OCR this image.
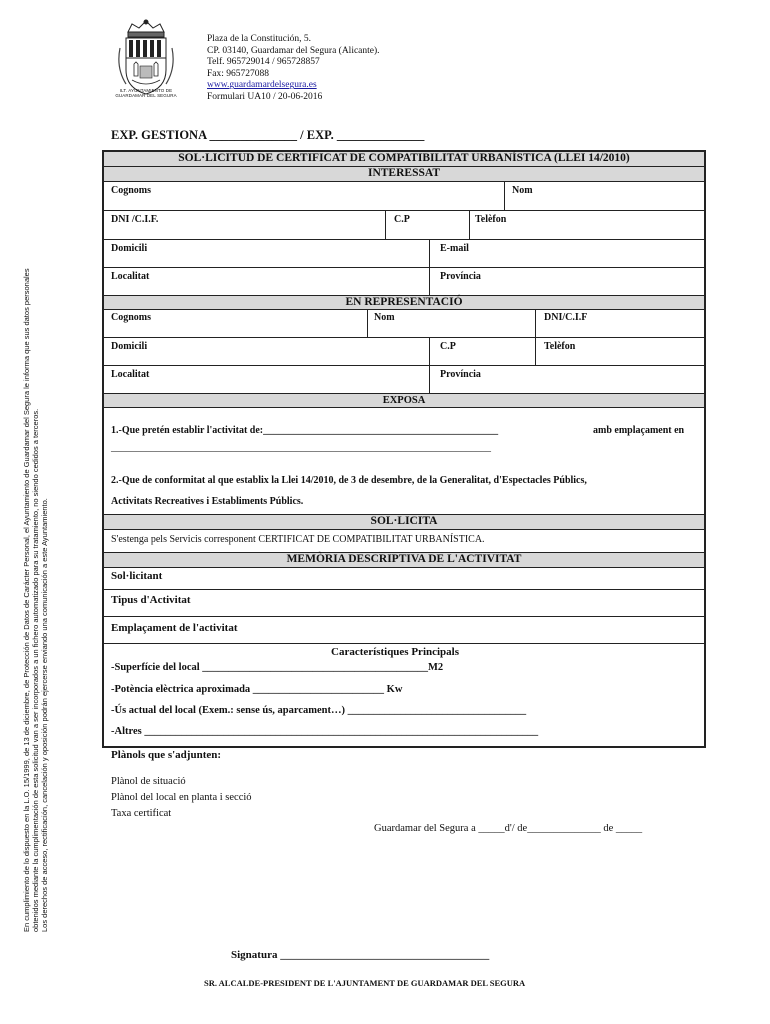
ILT. AYUNTAMIENTO DE
GUARDAMAR DEL SEGURA
Plaza de la Constitución, 5.
CP. 03140, Guardamar del Segura (Alicante).
Telf. 965729014 / 965728857
Fax: 965727088
www.guardamardelsegura.es
Formulari UA10 / 20-06-2016
EXP. GESTIONA ______________ / EXP. ______________
En cumplimiento de lo dispuesto en la L.O. 15/1999, de 13 de diciembre, de Protección de Datos de Carácter Personal, el Ayuntamiento de Guardamar del Segura le informa que sus datos personales obtenidos mediante la cumplimentación de esta solicitud van a ser incorporados a un fichero automatizado para su tratamiento, no siendo cedidos a terceros. Los derechos de acceso, rectificación, cancelación y oposición podrán ejercerse enviando una comunicación a este Ayuntamiento.
SOL·LICITUD DE CERTIFICAT DE COMPATIBILITAT URBANÍSTICA (LLEI 14/2010)
INTERESSAT
Cognoms	Nom
DNI /C.I.F.	C.P	Telèfon
Domicili	E-mail
Localitat	Província
EN REPRESENTACIÓ
Cognoms	Nom	DNI/C.I.F
Domicili	C.P	Telèfon
Localitat	Província
EXPOSA
1.-Que pretén establir l'activitat de:_______________________________________________	amb emplaçament en
____________________________________________________________________________
2.-Que de conformitat al que establix la Llei 14/2010, de 3 de desembre, de la Generalitat, d'Espectacles Públics,
Activitats Recreatives i Establiments Públics.
SOL·LICITA
S'estenga pels Servicis corresponent CERTIFICAT DE COMPATIBILITAT URBANÍSTICA.
MEMÒRIA DESCRIPTIVA DE L'ACTIVITAT
Sol·licitant
Tipus d'Activitat
Emplaçament de l'activitat
Característiques Principals
-Superfície del local ___________________________________________M2
-Potència elèctrica aproximada _________________________ Kw
-Ús actual del local (Exem.: sense ús, aparcament…) __________________________________
-Altres ___________________________________________________________________________
Plànols que s'adjunten:
Plànol de situació
Plànol del local en planta i secció
Taxa certificat
Guardamar del Segura a _____d'/ de______________ de _____
Signatura ______________________________________
SR. ALCALDE-PRESIDENT DE L'AJUNTAMENT DE GUARDAMAR DEL SEGURA
